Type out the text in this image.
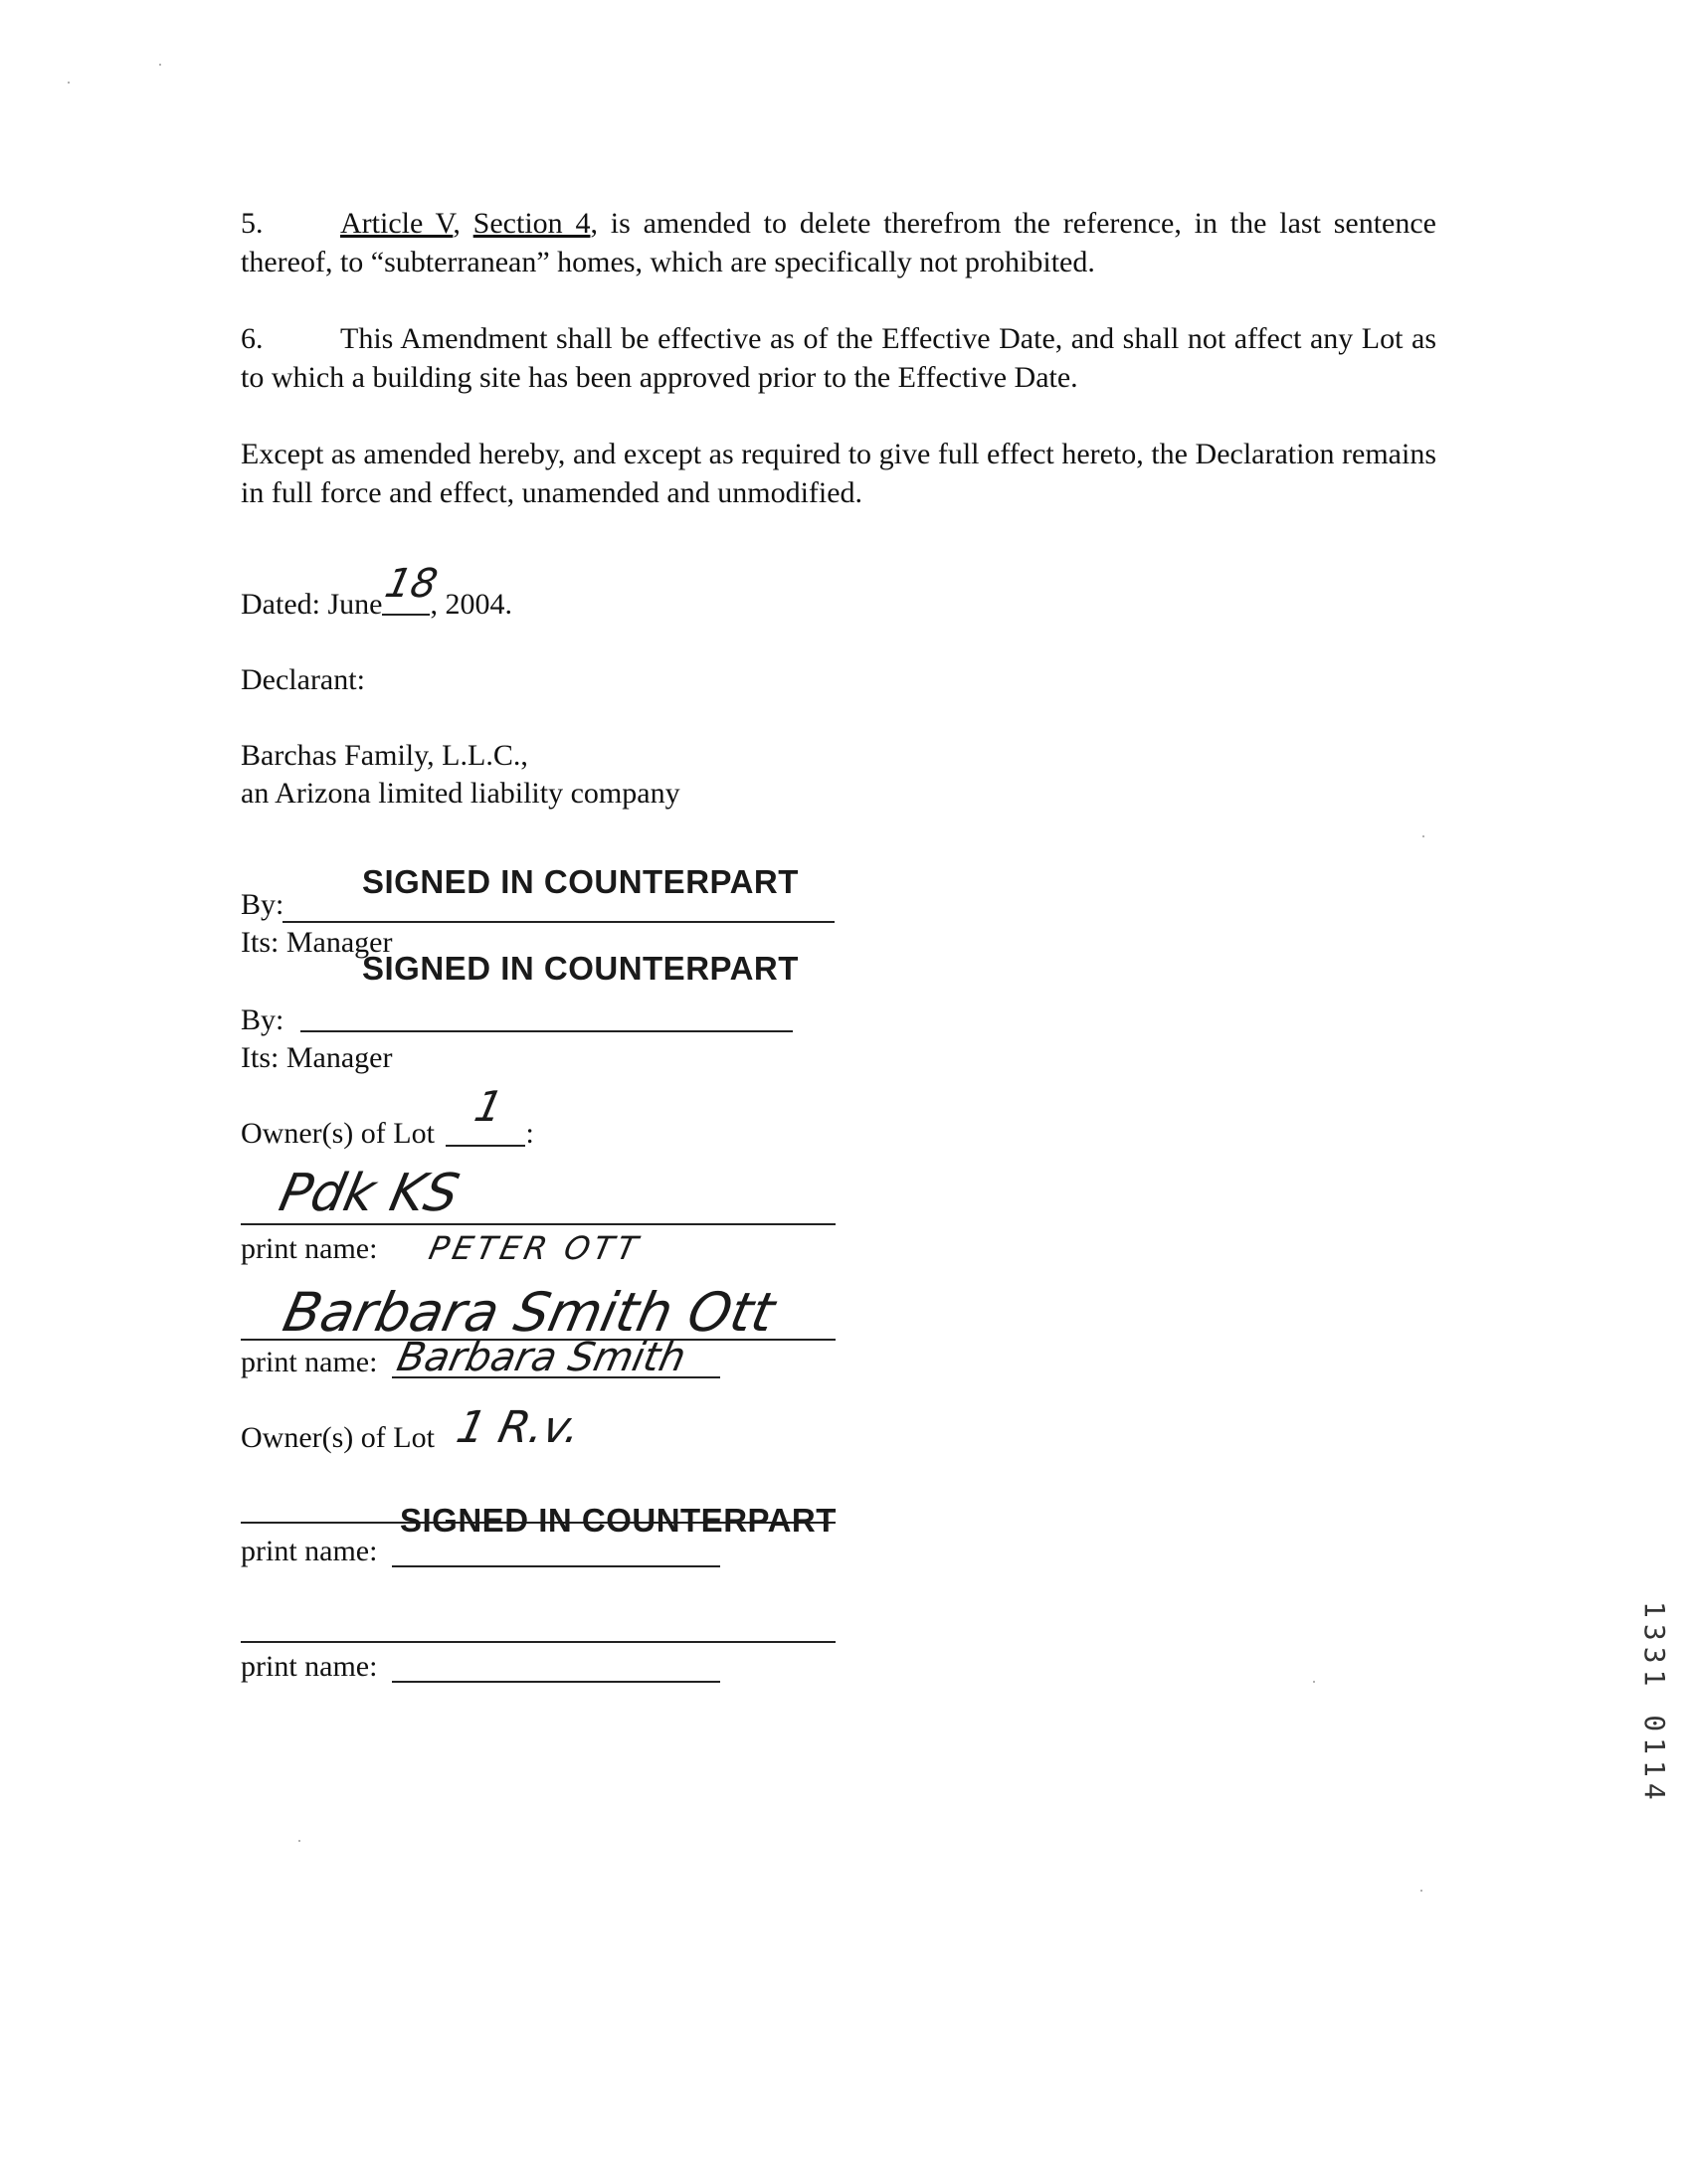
5.	Article V, Section 4, is amended to delete therefrom the reference, in the last sentence thereof, to “subterranean” homes, which are specifically not prohibited.
6.	This Amendment shall be effective as of the Effective Date, and shall not affect any Lot as to which a building site has been approved prior to the Effective Date.
Except as amended hereby, and except as required to give full effect hereto, the Declaration remains in full force and effect, unamended and unmodified.
Dated: June 18
, 2004.
Declarant:
Barchas Family, L.L.C.,
an Arizona limited liability company
SIGNED IN COUNTERPART
By:
Its: Manager
SIGNED IN COUNTERPART
By:
Its: Manager
Owner(s) of Lot
1
:
Pdk KS
print name: PETER OTT
Barbara Smith Ott
print name: Barbara Smith
Owner(s) of Lot 1 R.v.
SIGNED IN COUNTERPART
print name:
print name:	1331 0114
